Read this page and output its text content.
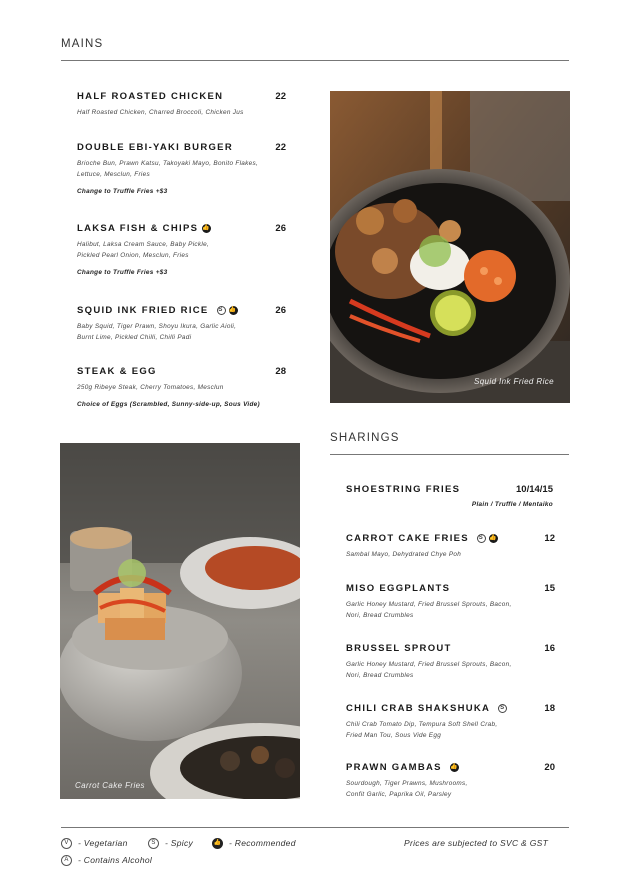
MAINS
HALF ROASTED CHICKEN	22
Half Roasted Chicken, Charred Broccoli, Chicken Jus
DOUBLE EBI-YAKI BURGER	22
Brioche Bun, Prawn Katsu, Takoyaki Mayo, Bonito Flakes,
Lettuce, Mesclun, Fries
Change to Truffle Fries +$3
LAKSA FISH & CHIPS 👍	26
Halibut, Laksa Cream Sauce, Baby Pickle,
Pickled Pearl Onion, Mesclun, Fries
Change to Truffle Fries +$3
SQUID INK FRIED RICE S 👍	26
Baby Squid, Tiger Prawn, Shoyu Ikura, Garlic Aioli,
Burnt Lime, Pickled Chilli, Chilli Padi
STEAK & EGG	28
250g Ribeye Steak, Cherry Tomatoes, Mesclun
Choice of Eggs (Scrambled, Sunny-side-up, Sous Vide)
Squid Ink Fried Rice
SHARINGS
Carrot Cake Fries
SHOESTRING FRIES	10/14/15
Plain / Truffle / Mentaiko
CARROT CAKE FRIES S 👍	12
Sambal Mayo, Dehydrated Chye Poh
MISO EGGPLANTS	15
Garlic Honey Mustard, Fried Brussel Sprouts, Bacon,
Nori, Bread Crumbles
BRUSSEL SPROUT	16
Garlic Honey Mustard, Fried Brussel Sprouts, Bacon,
Nori, Bread Crumbles
CHILI CRAB SHAKSHUKA S	18
Chili Crab Tomato Dip, Tempura Soft Shell Crab,
Fried Man Tou, Sous Vide Egg
PRAWN GAMBAS 👍	20
Sourdough, Tiger Prawns, Mushrooms,
Confit Garlic, Paprika Oil, Parsley
V - Vegetarian	S - Spicy	👍 - Recommended	Prices are subjected to SVC & GST
A - Contains Alcohol
